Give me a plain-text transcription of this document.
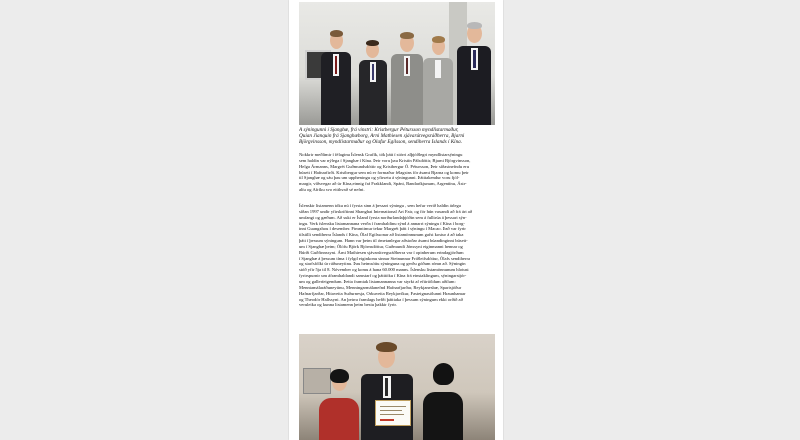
Á sýningunni í Sjanghæ, frá vinstri: Kristbergur Pétursson myndlistarmaður,
Quian Jianquin frá Sjanghæborg, Árni Mathiesen sjávarútvegsráðherra, Bjarni
Björgvinsson, myndlistarmaður og Ólafur Egilsson, sendiherra Íslands í Kína.
Nokkrir meðlimir í félaginu Íslensk Grafík, tók þátt í stórri alþjóðlegri myndlistarsýningu
sem haldin var nýlega í Sjanghæ í Kína. Þeir voru þau Kristín Pálsdóttir, Bjarni Björgvinsson,
Helga Ármanns, Margrét Guðmundsdóttir og Kristbergur Ó. Pétursson, Þeir síðastnefndu eru
búsett í Hafnarfirði. Kristbergur sem nú er formaður félagsins fór ásamt Bjarna og komu þeir
til Sjanghæ og sáu þau um uppheningu og yfirsetu á sýningunni. Þátttakendur voru fjöl-
margir, víðsvegar að úr Kína,einnig frá Frakklandi, Spáni, Bandaríkjunum, Argentínu, Ástr-
alíu og Afríku svo eitthvað sé nefnt.
Íslenskir listamenn tóku nú í fyrsta sinn á þessari sýningu , sem hefur verið haldin árlega
síðan 1997 undir yfirskriftinni Shanghai International Art Fair, og fór hún vaxandi að frá ári að
umfangi og gæðum. Að suki er Ísland fyrsta norðurlandaþjóðin sem á fulltrúa á þessari sýn-
ingu. Verk íslensku listamannana verða í framhaldinu sýnd á annarri sýningu í Kína í borg-
inni Guangzhou í desember. Fimmtimur tekur Margrét þátt í sýningu í Macao. Það var fyrir
tilstilli sendiherra Íslands í Kína, Ólaf Egilssonar að listamönnunum gafst kostur á að taka
þátt í þessum sýningum. Hann var þeim til ómetanlegar aðstoðar ásamt búandinginni búsett-
um í Sjanghæ þeim; Ólöfu Björk Björnsdóttur, Guðmundi Jónssyni eiginmanni hennar og
Búrði Guðfinnssyni. Árni Mathiesen sjávarútvegsráðherra var í opinberum erindagjörðum
í Sjanghæ á þessum tíma í fylgd eiginkonu sinnar Steinunnar Friðleifsdóttur, Ólafs sendiherra
og starfsfólki úr ráðuneytinu. Þau heimsóttu sýninguna og gerðu góðum rómn að. Sýningin
stóð yfir 5ja til 8. Nóvember og komu á hana 60.000 manns. Íslensku listamönnunum hlotust
fyrirspurnir um áframhaldandi samstarf og þátttöku í Kína frá einstaklingum, sýningarstjór-
um og galleríeigendum. Þetta framtak listamannanna var styrkt af eftirtöldum aðilum:
Menntamálaráðuneytinu, Menningarmálanefnd Hafnarfjarðar, Reykjanesbæ, Sparisjóður
Hafnarfjarðar, Hitaveita Suðurnesja, Orkuveita Reykjavíkur, Fasteignasölunni Hraunhamar
og Theodór Hallssyni. An þeirra framlags hefði þátttaka í þessum sýningum ekki orðið að
veruleika og kunna listamenn þeim bestu þakkir fyrir.
